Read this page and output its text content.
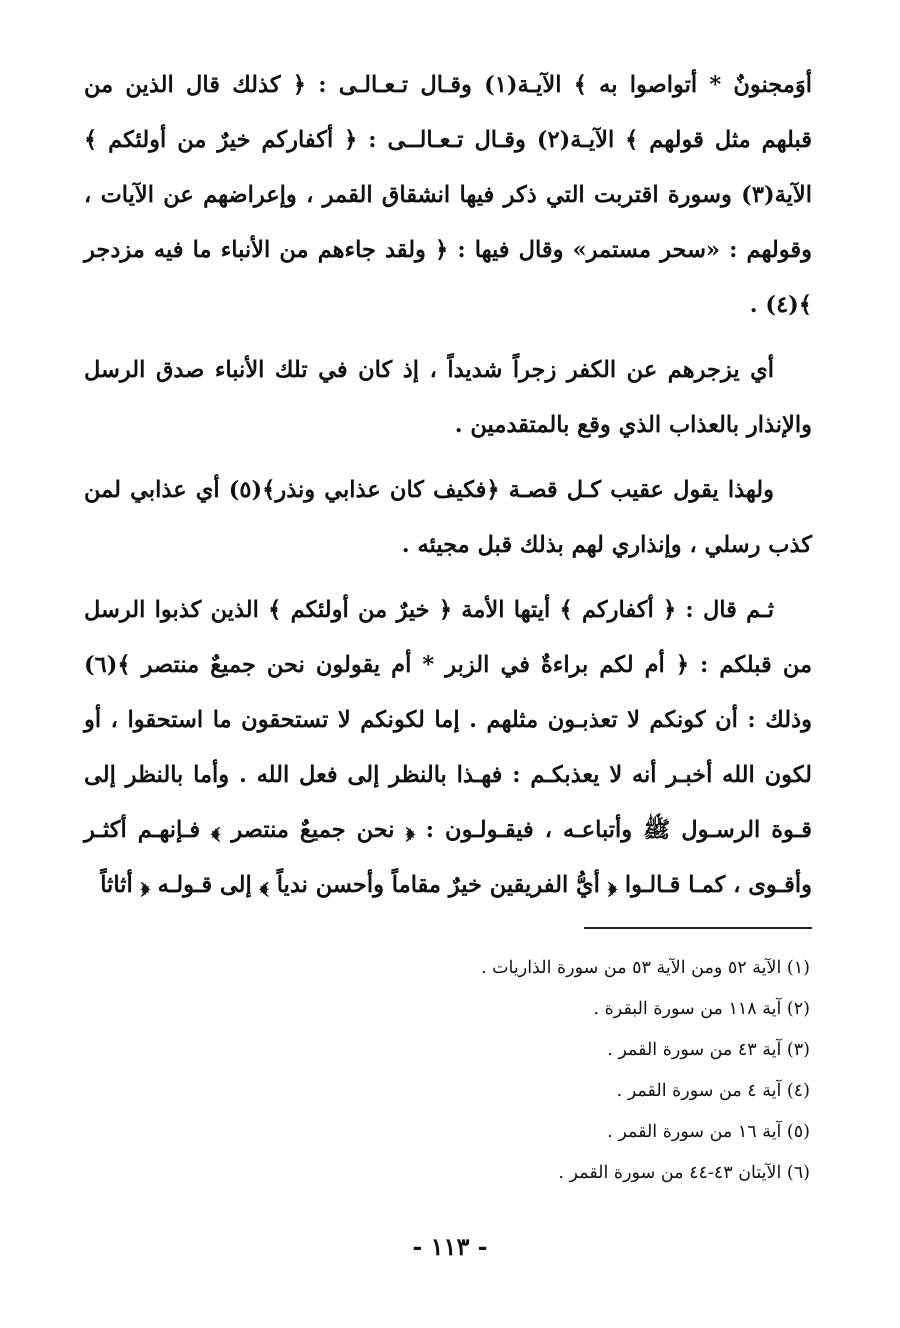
أوَمجنونٌ * أتواصوا به ﴾ الآيـة(١) وقـال تـعـالـى : ﴿ كذلك قال الذين من قبلهم مثل قولهم ﴾ الآيـة(٢) وقـال تـعـالــى : ﴿ أكفاركم خيرٌ من أولئكم ﴾ الآية(٣) وسورة اقتربت التي ذكر فيها انشقاق القمر ، وإعراضهم عن الآيات ، وقولهم : «سحر مستمر» وقال فيها : ﴿ ولقد جاءهم من الأنباء ما فيه مزدجر ﴾(٤) .

أي يزجرهم عن الكفر زجراً شديداً ، إذ كان في تلك الأنباء صدق الرسل والإنذار بالعذاب الذي وقع بالمتقدمين .

ولهذا يقول عقيب كـل قصـة ﴿فكيف كان عذابي ونذر﴾(٥) أي عذابي لمن كذب رسلي ، وإنذاري لهم بذلك قبل مجيئه .

ثـم قال : ﴿ أكفاركم ﴾ أيتها الأمة ﴿ خيرٌ من أولئكم ﴾ الذين كذبوا الرسل من قبلكم : ﴿ أم لكم براءةٌ في الزبر * أم يقولون نحن جميعٌ منتصر ﴾(٦) وذلك : أن كونكم لا تعذبـون مثلهم . إما لكونكم لا تستحقون ما استحقوا ، أو لكون الله أخبـر أنه لا يعذبكـم : فهـذا بالنظر إلى فعل الله . وأما بالنظر إلى قـوة الرسـول ﷺ وأتباعـه ، فيقـولـون : ﴿ نحن جميعٌ منتصر ﴾ فـإنهـم أكثـر وأقـوى ، كمـا قـالـوا ﴿ أيُّ الفريقين خيرٌ مقاماً وأحسن ندياً ﴾ إلى قـولـه ﴿ أثاثاً

(١) الآية ٥٢ ومن الآية ٥٣ من سورة الذاريات .
(٢) آية ١١٨ من سورة البقرة .
(٣) آية ٤٣ من سورة القمر .
(٤) آية ٤ من سورة القمر .
(٥) آية ١٦ من سورة القمر .
(٦) الآيتان ٤٣-٤٤ من سورة القمر .
- ١١٣ -
